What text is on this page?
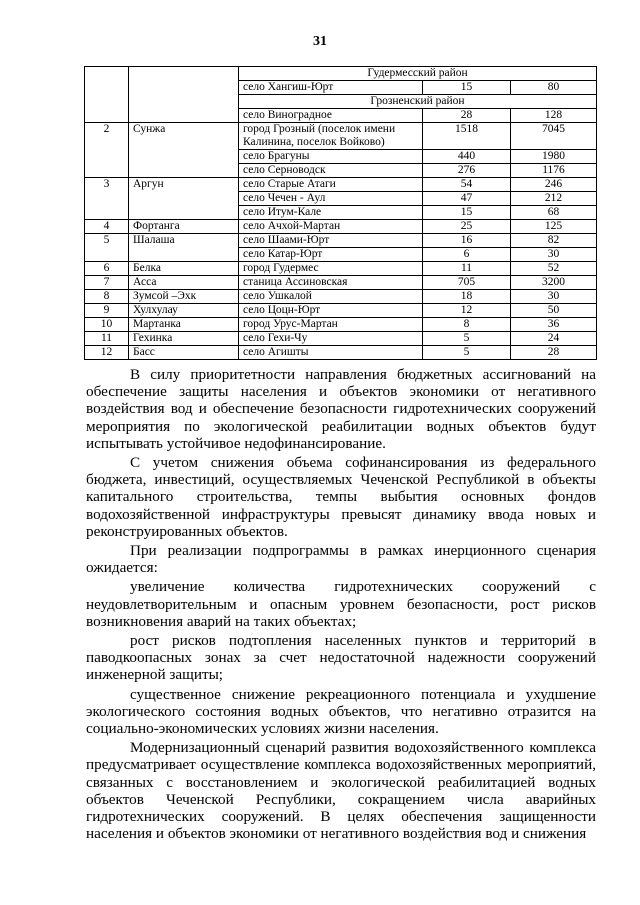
31
		Гудермесский район		
		село Хангиш-Юрт	15	80
		Грозненский район		
		село Виноградное	28	128
2	Сунжа	город Грозный (поселок имени Калинина, поселок Войково)	1518	7045
		село Брагуны	440	1980
		село Серноводск	276	1176
3	Аргун	село Старые Атаги	54	246
		село Чечен - Аул	47	212
		село Итум-Кале	15	68
4	Фортанга	село Ачхой-Мартан	25	125
5	Шалаша	село Шаами-Юрт	16	82
		село Катар-Юрт	6	30
6	Белка	город Гудермес	11	52
7	Асса	станица Ассиновская	705	3200
8	Зумсой –Эхк	село Ушкалой	18	30
9	Хулхулау	село Цоцн-Юрт	12	50
10	Мартанка	город Урус-Мартан	8	36
11	Гехинка	село Гехи-Чу	5	24
12	Басс	село Агишты	5	28

В силу приоритетности направления бюджетных ассигнований на обеспечение защиты населения и объектов экономики от негативного воздействия вод и обеспечение безопасности гидротехнических сооружений мероприятия по экологической реабилитации водных объектов будут испытывать устойчивое недофинансирование.

С учетом снижения объема софинансирования из федерального бюджета, инвестиций, осуществляемых Чеченской Республикой в объекты капитального строительства, темпы выбытия основных фондов водохозяйственной инфраструктуры превысят динамику ввода новых и реконструированных объектов.

При реализации подпрограммы в рамках инерционного сценария ожидается:

увеличение количества гидротехнических сооружений с неудовлетворительным и опасным уровнем безопасности, рост рисков возникновения аварий на таких объектах;

рост рисков подтопления населенных пунктов и территорий в паводкоопасных зонах за счет недостаточной надежности сооружений инженерной защиты;

существенное снижение рекреационного потенциала и ухудшение экологического состояния водных объектов, что негативно отразится на социально-экономических условиях жизни населения.

Модернизационный сценарий развития водохозяйственного комплекса предусматривает осуществление комплекса водохозяйственных мероприятий, связанных с восстановлением и экологической реабилитацией водных объектов Чеченской Республики, сокращением числа аварийных гидротехнических сооружений. В целях обеспечения защищенности населения и объектов экономики от негативного воздействия вод и снижения
